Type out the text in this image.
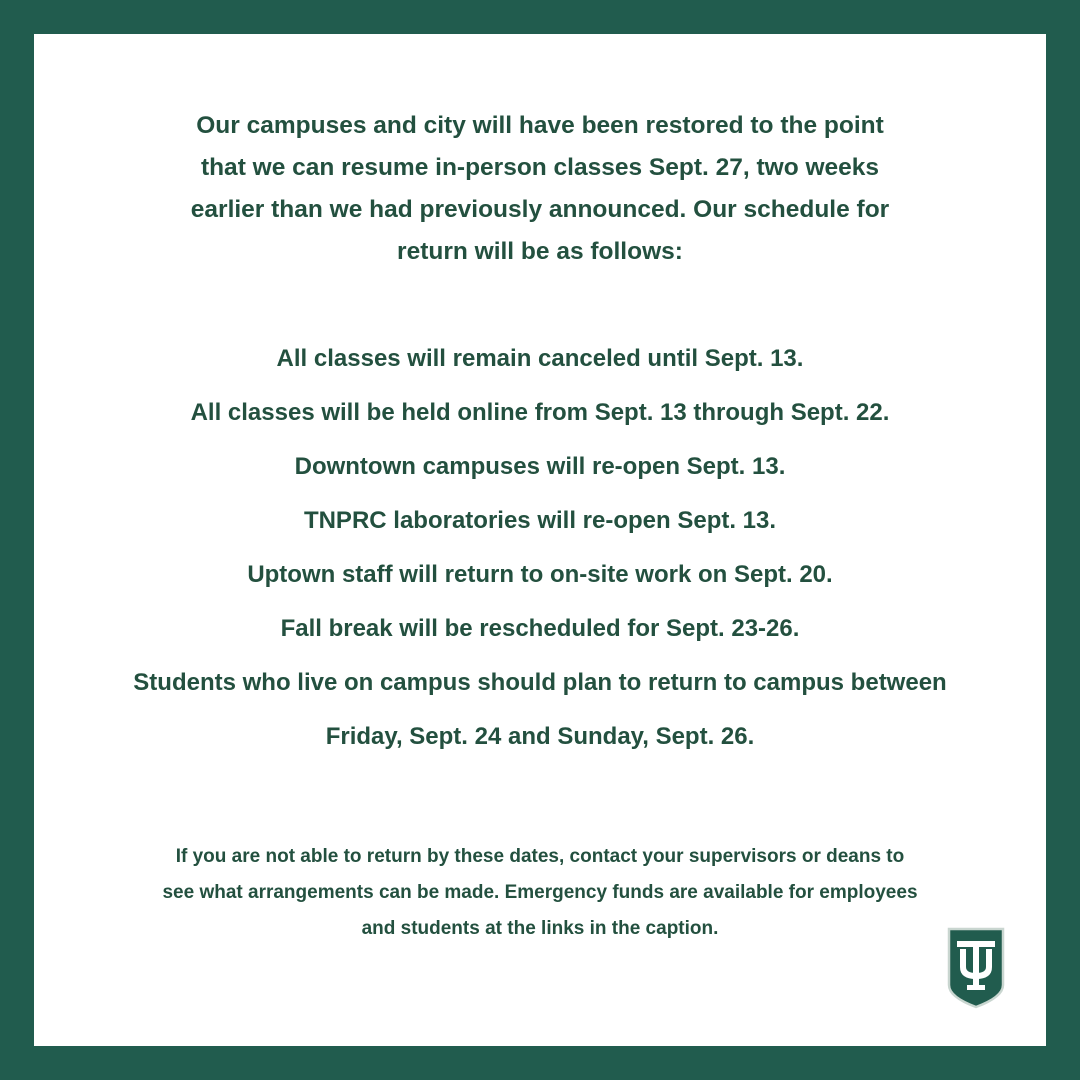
Our campuses and city will have been restored to the point
that we can resume in-person classes Sept. 27, two weeks
earlier than we had previously announced. Our schedule for
return will be as follows:
All classes will remain canceled until Sept. 13.
All classes will be held online from Sept. 13 through Sept. 22.
Downtown campuses will re-open Sept. 13.
TNPRC laboratories will re-open Sept. 13.
Uptown staff will return to on-site work on Sept. 20.
Fall break will be rescheduled for Sept. 23-26.
Students who live on campus should plan to return to campus between
Friday, Sept. 24 and Sunday, Sept. 26.
If you are not able to return by these dates, contact your supervisors or deans to
see what arrangements can be made. Emergency funds are available for employees
and students at the links in the caption.
